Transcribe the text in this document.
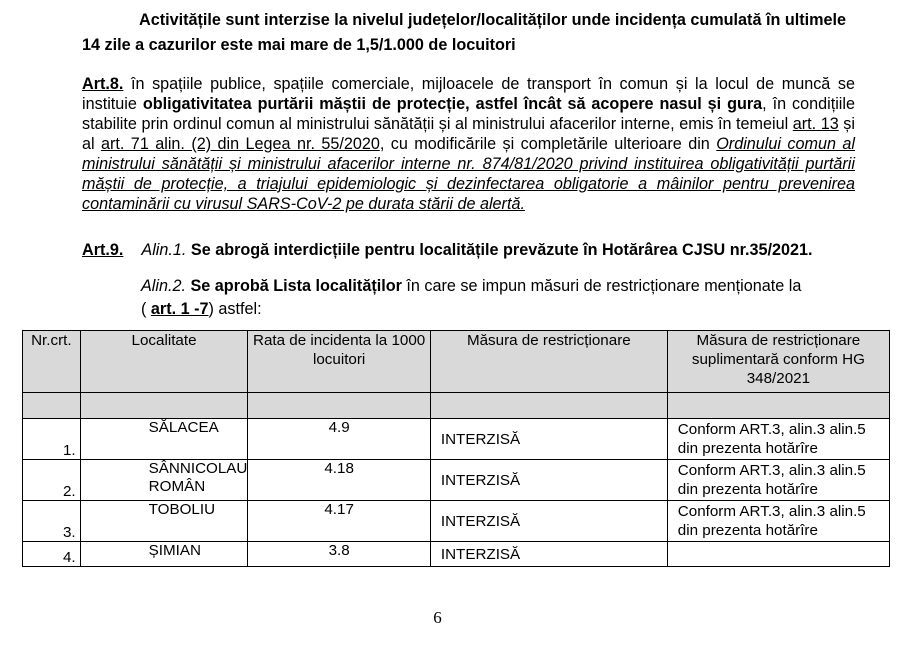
Activitățile sunt interzise la nivelul județelor/localităților unde incidența cumulată în ultimele 14 zile a cazurilor este mai mare de 1,5/1.000 de locuitori

Art.8. în spațiile publice, spațiile comerciale, mijloacele de transport în comun și la locul de muncă se instituie obligativitatea purtării măștii de protecție, astfel încât să acopere nasul și gura, în condițiile stabilite prin ordinul comun al ministrului sănătății și al ministrului afacerilor interne, emis în temeiul art. 13 și al art. 71 alin. (2) din Legea nr. 55/2020, cu modificările și completările ulterioare din Ordinului comun al ministrului sănătății și ministrului afacerilor interne nr. 874/81/2020 privind instituirea obligativității purtării măștii de protecție, a triajului epidemiologic și dezinfectarea obligatorie a mâinilor pentru prevenirea contaminării cu virusul SARS-CoV-2 pe durata stării de alertă.

Art.9. Alin.1. Se abrogă interdicțiile pentru localitățile prevăzute în Hotărârea CJSU nr.35/2021.

Alin.2. Se aprobă Lista localităților în care se impun măsuri de restricționare menționate la

( art. 1 -7) astfel:

Nr.crt.	Localitate	Rata de incidenta la 1000 locuitori	Măsura de restricționare	Măsura de restricționare suplimentară conform HG 348/2021

1.	SĂLACEA	4.9	INTERZISĂ	Conform ART.3, alin.3 alin.5 din prezenta hotărîre
2.	SÂNNICOLAU ROMÂN	4.18	INTERZISĂ	Conform ART.3, alin.3 alin.5 din prezenta hotărîre
3.	TOBOLIU	4.17	INTERZISĂ	Conform ART.3, alin.3 alin.5 din prezenta hotărîre
4.	ȘIMIAN	3.8	INTERZISĂ	
6
